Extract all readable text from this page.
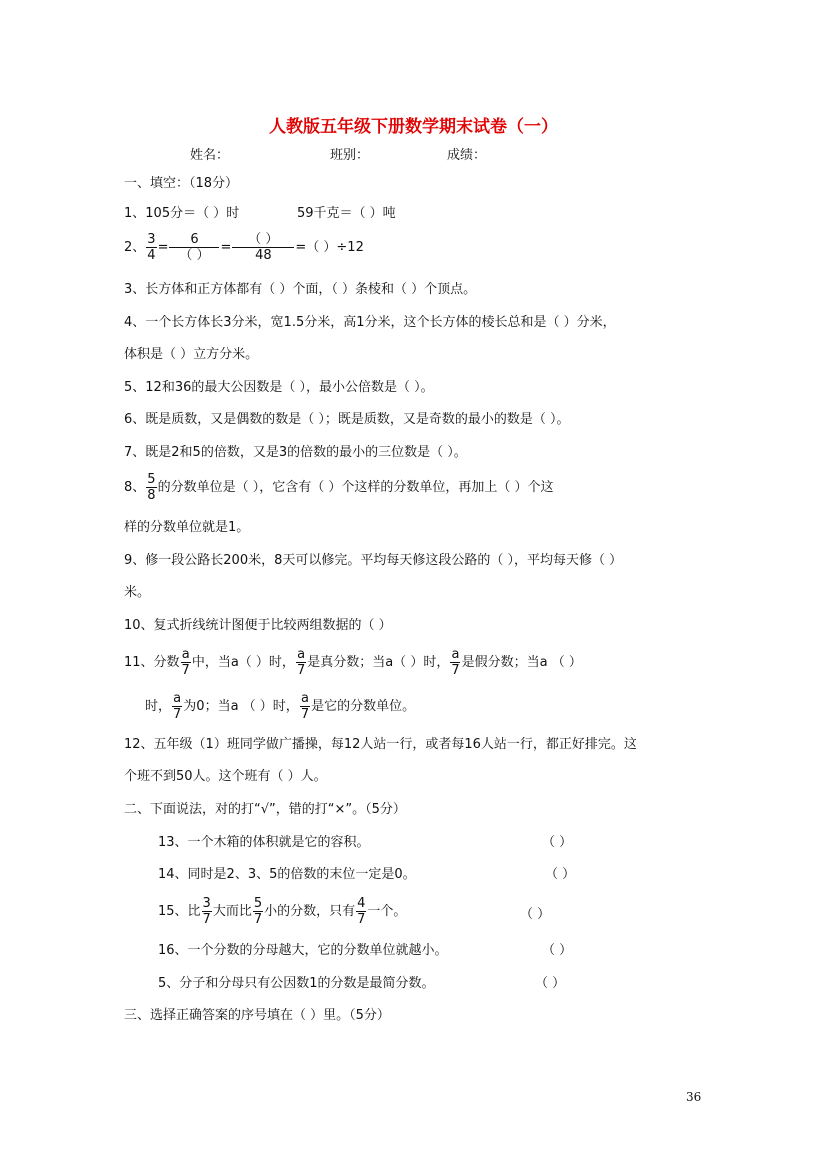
人教版五年级下册数学期末试卷（一）
姓名：	班别：	成绩：
一、填空：（18分）
1、105分＝（ ）时	59千克＝（ ）吨
2、 $\frac{3}{4} = \frac{6}{( )} = \frac{( )}{48}$ =（ ）÷12
3、长方体和正方体都有（ ）个面，（ ）条棱和（ ）个顶点。
4、一个长方体长3分米，宽1.5分米，高1分米，这个长方体的棱长总和是（ ）分米，
体积是（ ）立方分米。
5、12和36的最大公因数是（ ），最小公倍数是（ ）。
6、既是质数，又是偶数的数是（ ）；既是质数，又是奇数的最小的数是（ ）。
7、既是2和5的倍数，又是3的倍数的最小的三位数是（ ）。
8、 $\frac{5}{8}$ 的分数单位是（ ），它含有（ ）个这样的分数单位，再加上（ ）个这
样的分数单位就是1。
9、修一段公路长200米，8天可以修完。平均每天修这段公路的（ ），平均每天修（ ）
米。
10、复式折线统计图便于比较两组数据的（ ）
11、分数 $\frac{a}{7}$ 中，当a（ ）时， $\frac{a}{7}$ 是真分数；当a（ ）时， $\frac{a}{7}$ 是假分数；当a （ ）
时， $\frac{a}{7}$ 为0；当a （ ）时， $\frac{a}{7}$ 是它的分数单位。
12、五年级（1）班同学做广播操，每12人站一行，或者每16人站一行，都正好排完。这
个班不到50人。这个班有（ ）人。
二、下面说法，对的打“√”，错的打“×”。（5分）
13、一个木箱的体积就是它的容积。	（ ）
14、同时是2、3、5的倍数的末位一定是0。	（ ）
15、比 $\frac{3}{7}$ 大而比 $\frac{5}{7}$ 小的分数，只有 $\frac{4}{7}$ 一个。	（ ）
16、一个分数的分母越大，它的分数单位就越小。	（ ）
5、分子和分母只有公因数1的分数是最简分数。	（ ）
三、选择正确答案的序号填在（ ）里。（5分）
36
